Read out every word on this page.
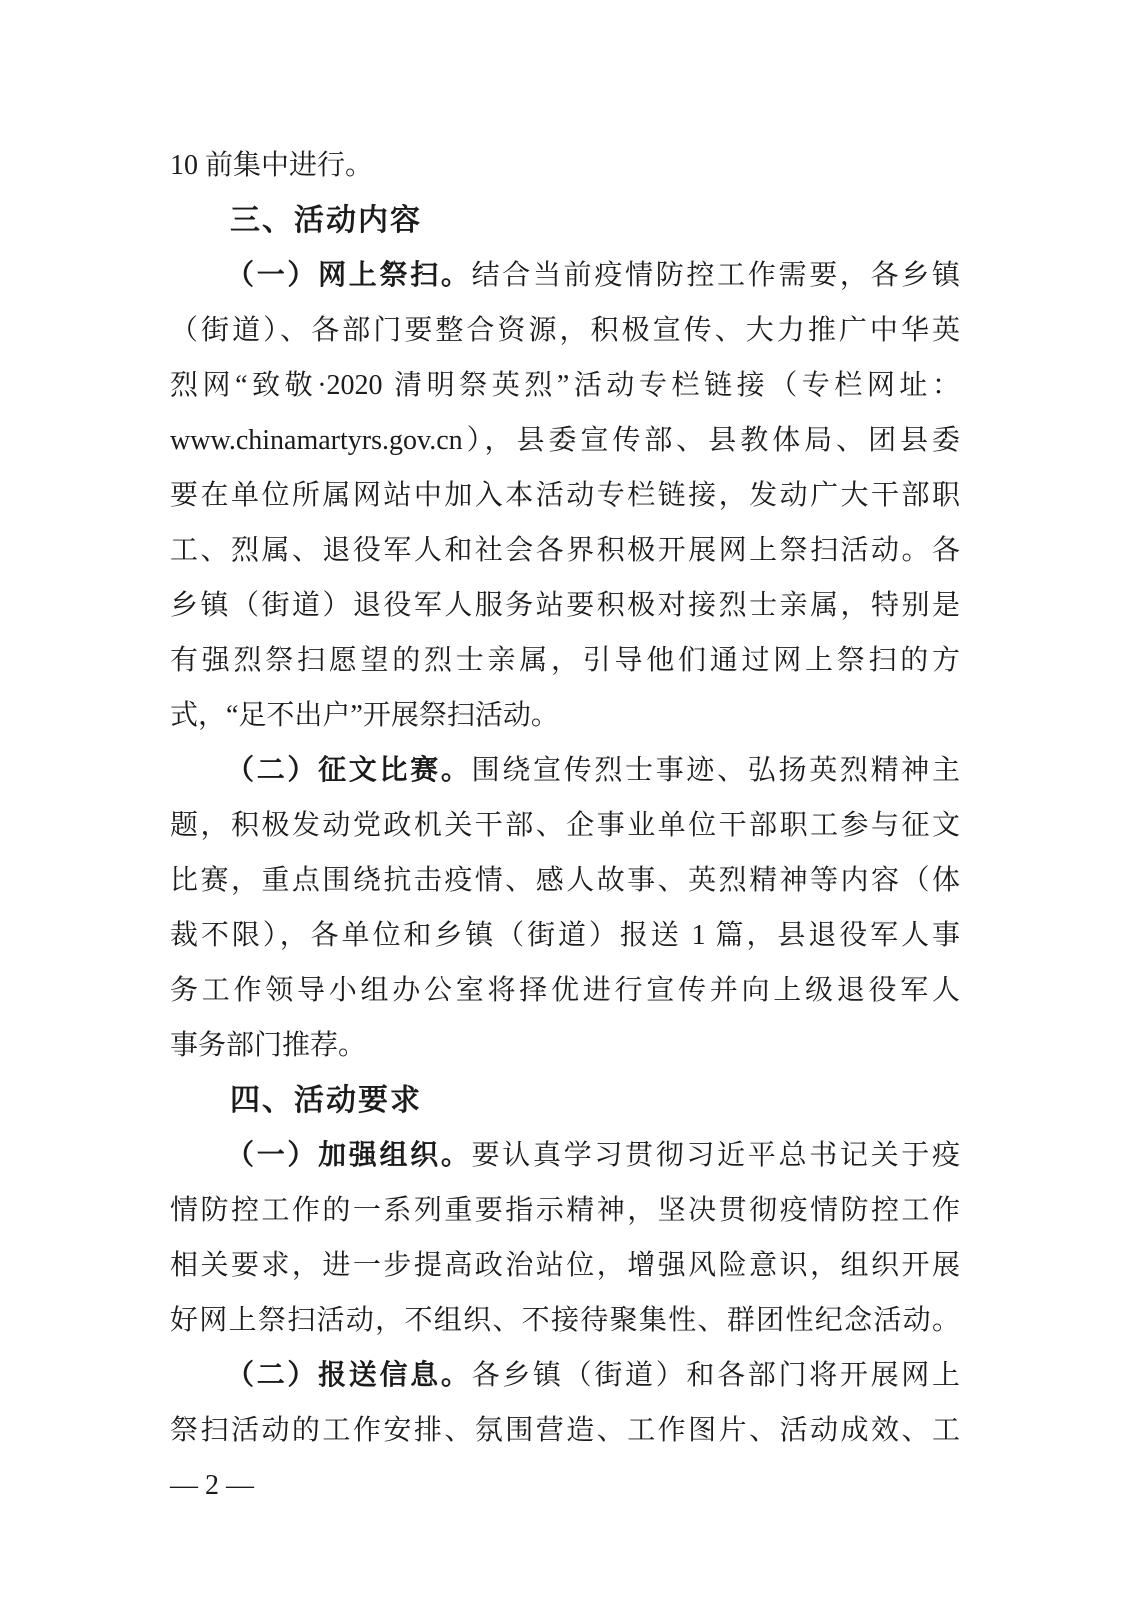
10 前集中进行。
三、活动内容
（一）网上祭扫。结合当前疫情防控工作需要，各乡镇
（街道）、各部门要整合资源，积极宣传、大力推广中华英
烈网“致敬·2020 清明祭英烈”活动专栏链接（专栏网址：
www.chinamartyrs.gov.cn），县委宣传部、县教体局、团县委
要在单位所属网站中加入本活动专栏链接，发动广大干部职
工、烈属、退役军人和社会各界积极开展网上祭扫活动。各
乡镇（街道）退役军人服务站要积极对接烈士亲属，特别是
有强烈祭扫愿望的烈士亲属，引导他们通过网上祭扫的方
式，“足不出户”开展祭扫活动。
（二）征文比赛。围绕宣传烈士事迹、弘扬英烈精神主
题，积极发动党政机关干部、企事业单位干部职工参与征文
比赛，重点围绕抗击疫情、感人故事、英烈精神等内容（体
裁不限），各单位和乡镇（街道）报送 1 篇，县退役军人事
务工作领导小组办公室将择优进行宣传并向上级退役军人
事务部门推荐。
四、活动要求
（一）加强组织。要认真学习贯彻习近平总书记关于疫
情防控工作的一系列重要指示精神，坚决贯彻疫情防控工作
相关要求，进一步提高政治站位，增强风险意识，组织开展
好网上祭扫活动，不组织、不接待聚集性、群团性纪念活动。
（二）报送信息。各乡镇（街道）和各部门将开展网上
祭扫活动的工作安排、氛围营造、工作图片、活动成效、工
— 2 —
